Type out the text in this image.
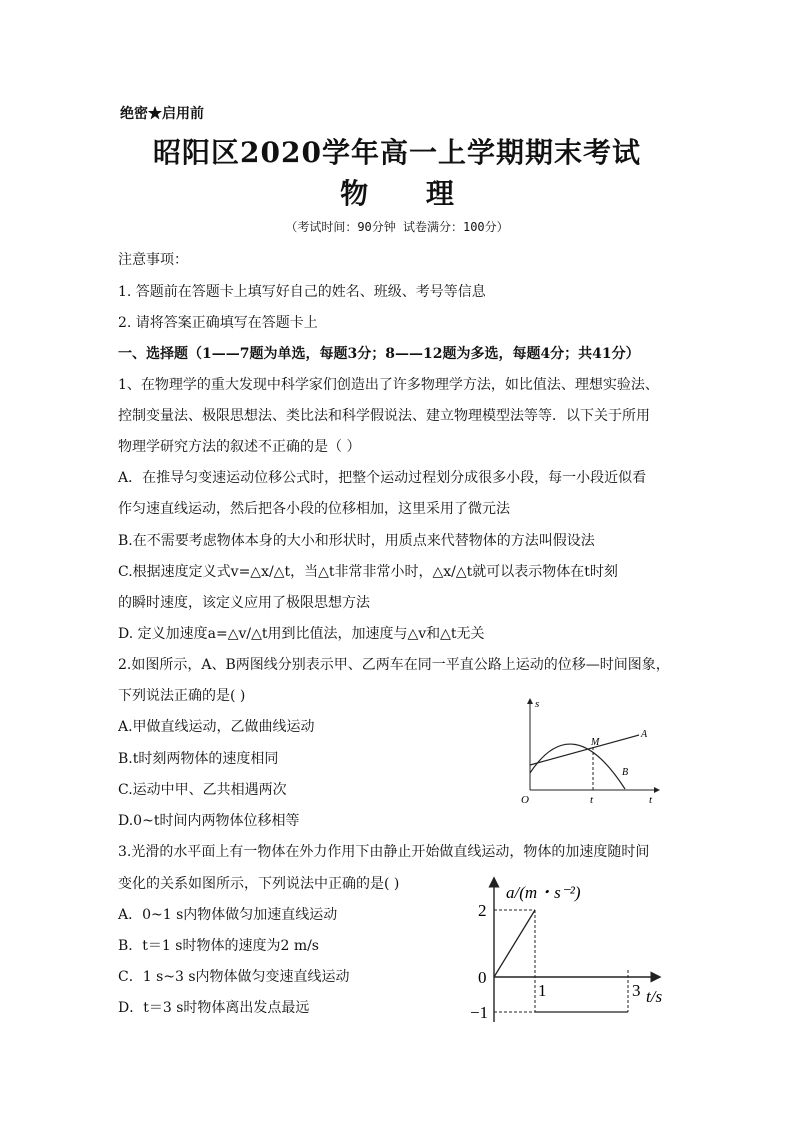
绝密★启用前
昭阳区2020学年高一上学期期末考试
物 理
（考试时间：90分钟 试卷满分：100分）
注意事项：
1. 答题前在答题卡上填写好自己的姓名、班级、考号等信息
2. 请将答案正确填写在答题卡上
一、选择题（1——7题为单选，每题3分；8——12题为多选，每题4分；共41分）
1、在物理学的重大发现中科学家们创造出了许多物理学方法，如比值法、理想实验法、
控制变量法、极限思想法、类比法和科学假说法、建立物理模型法等等．以下关于所用
物理学研究方法的叙述不正确的是（ ）
A．在推导匀变速运动位移公式时，把整个运动过程划分成很多小段，每一小段近似看
作匀速直线运动，然后把各小段的位移相加，这里采用了微元法
B.在不需要考虑物体本身的大小和形状时，用质点来代替物体的方法叫假设法
C.根据速度定义式v=△x/△t，当△t非常非常小时，△x/△t就可以表示物体在t时刻
的瞬时速度，该定义应用了极限思想方法
D. 定义加速度a=△v/△t用到比值法，加速度与△v和△t无关
2.如图所示，A、B两图线分别表示甲、乙两车在同一平直公路上运动的位移—时间图象，
下列说法正确的是( )
A.甲做直线运动，乙做曲线运动
B.t时刻两物体的速度相同
C.运动中甲、乙共相遇两次
D.0~t时间内两物体位移相等
s
t
O	t
M
A
B
3.光滑的水平面上有一物体在外力作用下由静止开始做直线运动，物体的加速度随时间
变化的关系如图所示，下列说法中正确的是( )
A．0~1 s内物体做匀加速直线运动
B．t＝1 s时物体的速度为2 m/s
C．1 s~3 s内物体做匀变速直线运动
D．t＝3 s时物体离出发点最远
a/(m・s⁻²)
2
0
−1
1	3 t/s
